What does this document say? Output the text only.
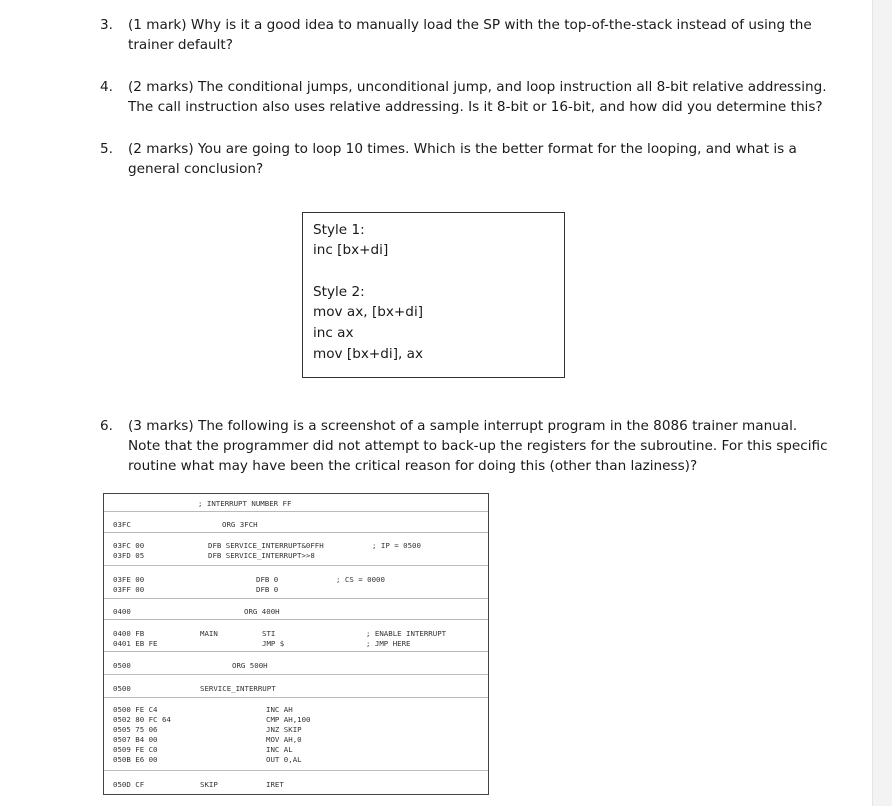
3. (1 mark) Why is it a good idea to manually load the SP with the top-of-the-stack instead of using the
trainer default?
4. (2 marks) The conditional jumps, unconditional jump, and loop instruction all 8-bit relative addressing.
The call instruction also uses relative addressing. Is it 8-bit or 16-bit, and how did you determine this?
5. (2 marks) You are going to loop 10 times. Which is the better format for the looping, and what is a
general conclusion?
Style 1:
inc [bx+di]
Style 2:
mov ax, [bx+di]
inc ax
mov [bx+di], ax
6. (3 marks) The following is a screenshot of a sample interrupt program in the 8086 trainer manual.
Note that the programmer did not attempt to back-up the registers for the subroutine. For this specific
routine what may have been the critical reason for doing this (other than laziness)?
; INTERRUPT NUMBER FF
03FC	ORG 3FCH
03FC 00	DFB SERVICE_INTERRUPT&0FFH	; IP = 0500
03FD 05	DFB SERVICE_INTERRUPT>>8
03FE 00	DFB 0	; CS = 0000
03FF 00	DFB 0
0400	ORG 400H
0400 FB	MAIN	STI	; ENABLE INTERRUPT
0401 EB FE	JMP $	; JMP HERE
0500	ORG 500H
0500	SERVICE_INTERRUPT
0500 FE C4	INC AH
0502 80 FC 64	CMP AH,100
0505 75 06	JNZ SKIP
0507 B4 00	MOV AH,0
0509 FE C0	INC AL
050B E6 00	OUT 0,AL
050D CF	SKIP	IRET
